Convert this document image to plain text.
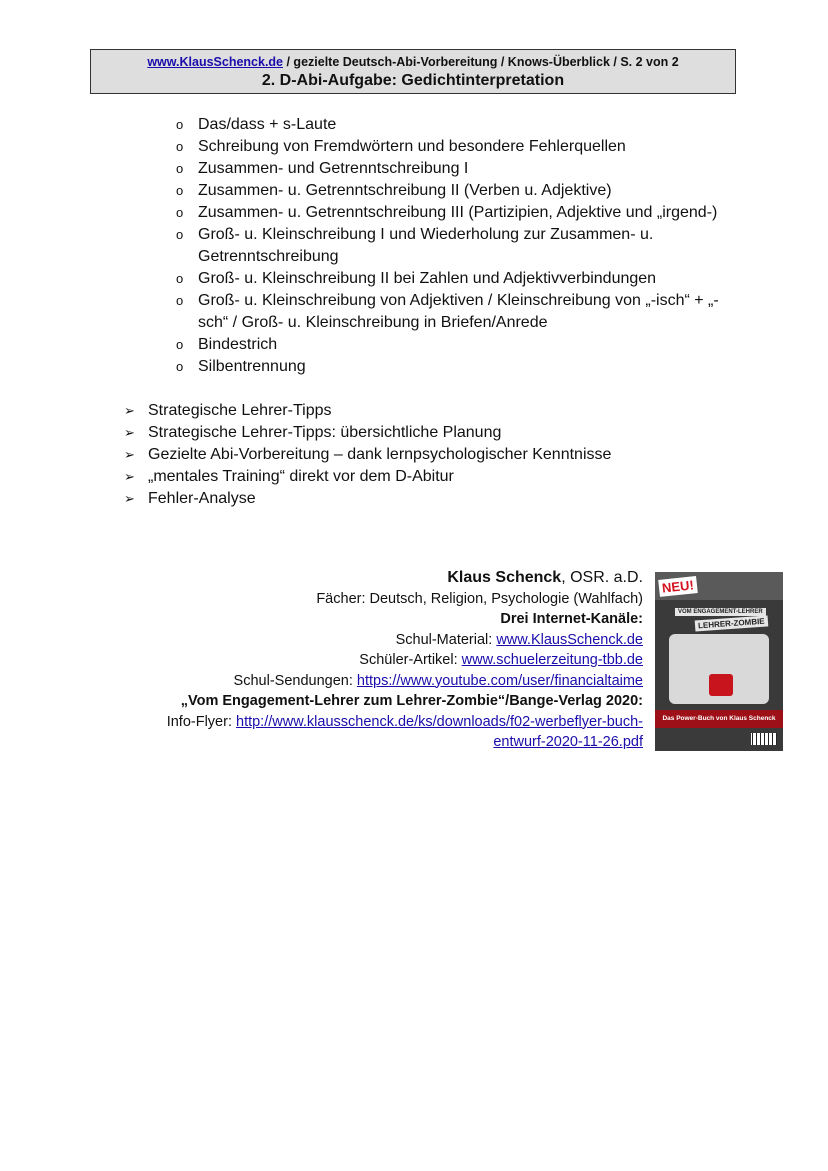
www.KlausSchenck.de / gezielte Deutsch-Abi-Vorbereitung / Knows-Überblick / S. 2 von 2
2. D-Abi-Aufgabe: Gedichtinterpretation
o Das/dass + s-Laute
o Schreibung von Fremdwörtern und besondere Fehlerquellen
o Zusammen- und Getrenntschreibung I
o Zusammen- u. Getrenntschreibung II (Verben u. Adjektive)
o Zusammen- u. Getrenntschreibung III (Partizipien, Adjektive und „irgend-)
o Groß- u. Kleinschreibung I und Wiederholung zur Zusammen- u. Getrenntschreibung
o Groß- u. Kleinschreibung II bei Zahlen und Adjektivverbindungen
o Groß- u. Kleinschreibung von Adjektiven / Kleinschreibung von „-isch“ + „-sch“ / Groß- u. Kleinschreibung in Briefen/Anrede
o Bindestrich
o Silbentrennung
➢ Strategische Lehrer-Tipps
➢ Strategische Lehrer-Tipps: übersichtliche Planung
➢ Gezielte Abi-Vorbereitung – dank lernpsychologischer Kenntnisse
➢ „mentales Training“ direkt vor dem D-Abitur
➢ Fehler-Analyse
Klaus Schenck, OSR. a.D.
Fächer: Deutsch, Religion, Psychologie (Wahlfach)
Drei Internet-Kanäle:
Schul-Material: www.KlausSchenck.de
Schüler-Artikel: www.schuelerzeitung-tbb.de
Schul-Sendungen: https://www.youtube.com/user/financialtaime
„Vom Engagement-Lehrer zum Lehrer-Zombie“/Bange-Verlag 2020:
Info-Flyer: http://www.klausschenck.de/ks/downloads/f02-werbeflyer-buch-
entwurf-2020-11-26.pdf
NEU!
VOM ENGAGEMENT-LEHRER
LEHRER-ZOMBIE
Das Power-Buch von Klaus Schenck
